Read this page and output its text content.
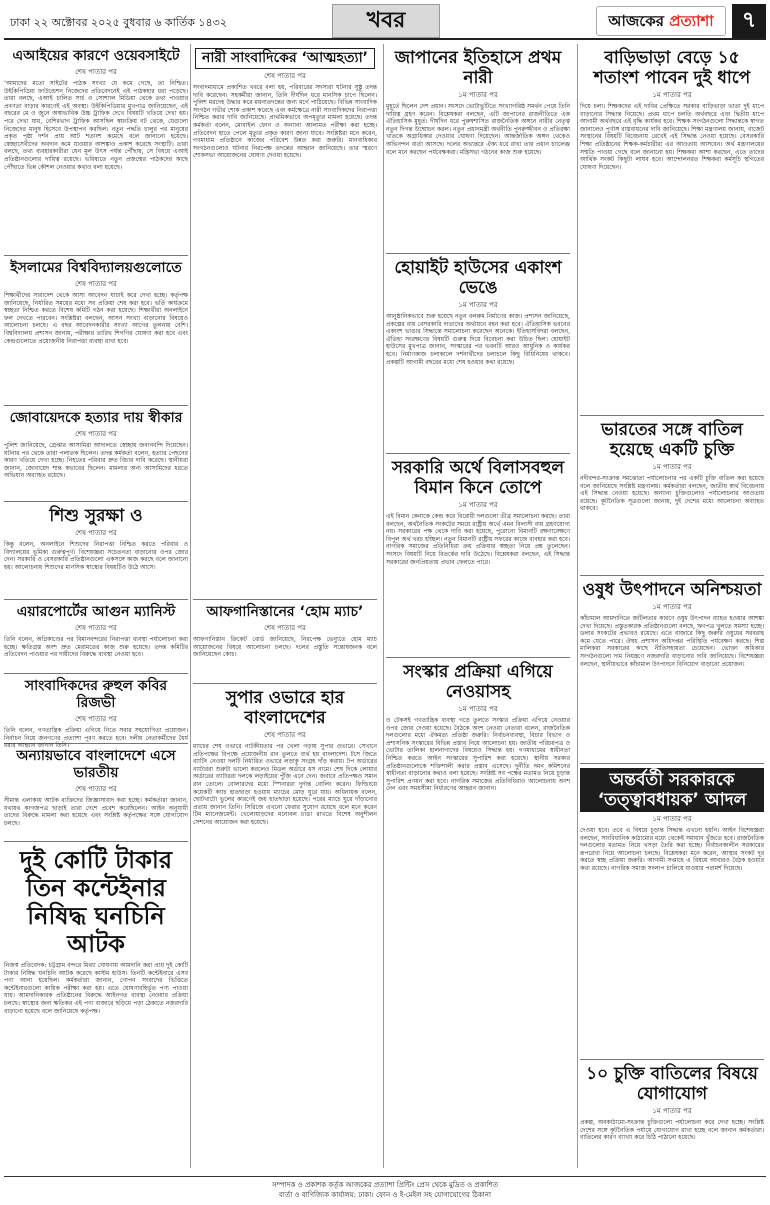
ঢাকা ২২ অক্টোবর ২০২৫ বুধবার ৬ কার্তিক ১৪৩২	খবর	আজকের প্রত্যাশা	৭
এআইয়ের কারণে ওয়েবসাইটে
শেষ পাতার পর

‘আমাদের মতো সাইটের পাঠক সংখ্যা যে কমে গেছে, তা নিশ্চিত। উইকিপিডিয়া ফাউন্ডেশন নিজেদের প্রতিবেদনেই এই পাঠকহার ধরা পড়েছে। তারা বলছে, এআই চালিত সার্চ ও সোশ্যাল মিডিয়া থেকে তথ্য পাওয়ার প্রবণতা বাড়ার কারণেই এই অবস্থা। উইকিপিডিয়ার মুখপাত্র জানিয়েছেন, এই বছরের মে ও জুনে অস্বাভাবিক উচ্চ ট্রাফিক দেখে বিষয়টি খতিয়ে দেখা হয়। পরে দেখা যায়, বেশিরভাগ ট্রাফিক আসছিল স্বয়ংক্রিয় বট থেকে, যেগুলো নিজেদের মানুষ হিসেবে উপস্থাপন করছিল। নতুন পদ্ধতি চালুর পর মানুষের প্রকৃত পৃষ্ঠা দর্শন প্রায় আট শতাংশ কমেছে বলে জানানো হয়েছে। স্বেচ্ছাসেবীদের অবদান কমে যাওয়ার আশঙ্কাও প্রকাশ করেছে সংস্থাটি। তারা বলছে, তথ্য ব্যবহারকারীরা যেন মূল উৎস পর্যন্ত পৌঁছায়, সে বিষয়ে এআই প্রতিষ্ঠানগুলোর দায়িত্ব রয়েছে। ভবিষ্যতে নতুন প্রজন্মের পাঠকদের কাছে পৌঁছাতে ভিন্ন কৌশল নেওয়ার কথাও বলা হয়েছে।

ইসলামের বিশ্ববিদ্যালয়গুলোতে
শেষ পাতার পর

শিক্ষার্থীদের সারাদেশ থেকে আসা আবেদন যাচাই করে দেখা হচ্ছে। কর্তৃপক্ষ জানিয়েছে, নির্ধারিত সময়ের মধ্যে সব প্রক্রিয়া শেষ করা হবে। ভর্তি কার্যক্রমে স্বচ্ছতা নিশ্চিত করতে বিশেষ কমিটি গঠন করা হয়েছে। শিক্ষার্থীরা অনলাইনে ফল দেখতে পারবেন। সংশ্লিষ্টরা বলছেন, আসন সংখ্যা বাড়ানোর বিষয়েও আলোচনা চলছে। এ বছর আবেদনকারীর সংখ্যা আগের তুলনায় বেশি। বিশ্ববিদ্যালয় প্রশাসন জানায়, পরীক্ষার তারিখ শিগগির ঘোষণা করা হবে এবং কেন্দ্রগুলোতে প্রয়োজনীয় নিরাপত্তা ব্যবস্থা রাখা হবে।

জোবায়েদকে হত্যার দায় স্বীকার
শেষ পাতার পর

পুলিশ জানিয়েছে, গ্রেপ্তার আসামিরা আদালতে স্বেচ্ছায় জবানবন্দি দিয়েছেন। ঘটনার পর থেকে তারা পলাতক ছিলেন। তদন্ত কর্মকর্তা বলেন, হত্যার পেছনের কারণ খতিয়ে দেখা হচ্ছে। নিহতের পরিবার দ্রুত বিচার দাবি করেছে। স্থানীয়রা জানান, জোবায়েদ শান্ত স্বভাবের ছিলেন। মামলার অন্য আসামিদের ধরতে অভিযান অব্যাহত রয়েছে।

শিশু সুরক্ষা ও
শেষ পাতার পর

কিন্তু বলেন, অনলাইনে শিশুদের নিরাপত্তা নিশ্চিত করতে পরিবার ও বিদ্যালয়ের ভূমিকা গুরুত্বপূর্ণ। বিশেষজ্ঞরা সচেতনতা বাড়ানোর ওপর জোর দেন। সরকারি ও বেসরকারি প্রতিষ্ঠানগুলো একসঙ্গে কাজ করছে বলে জানানো হয়। আলোচনায় শিশুদের মানসিক স্বাস্থ্যের বিষয়টিও উঠে আসে।

এয়ারপোর্টের আগুন ম্যানিস্ট
শেষ পাতার পর

তিনি বলেন, অগ্নিকাণ্ডের পর বিমানবন্দরের নিরাপত্তা ব্যবস্থা পর্যালোচনা করা হচ্ছে। ক্ষতিগ্রস্ত অংশ দ্রুত মেরামতের কাজ শুরু হয়েছে। তদন্ত কমিটির প্রতিবেদন পাওয়ার পর দায়ীদের বিরুদ্ধে ব্যবস্থা নেওয়া হবে।

সাংবাদিকদের রুহুল কবির রিজভী
শেষ পাতার পর

তিনি বলেন, গণতান্ত্রিক প্রক্রিয়া এগিয়ে নিতে সবার সহযোগিতা প্রয়োজন। নির্বাচন নিয়ে জনগণের প্রত্যাশা পূরণ করতে হবে। দলীয় নেতাকর্মীদের ধৈর্য ধরার আহ্বান জানান তিনি।

অন্যায়ভাবে বাংলাদেশে এসে ভারতীয়
শেষ পাতার পর

সীমান্ত এলাকায় আটক ব্যক্তিদের জিজ্ঞাসাবাদ করা হচ্ছে। কর্মকর্তারা জানান, যথাযথ কাগজপত্র ছাড়াই তারা দেশে প্রবেশ করেছিলেন। আইন অনুযায়ী তাদের বিরুদ্ধে মামলা করা হয়েছে এবং সংশ্লিষ্ট কর্তৃপক্ষের সঙ্গে যোগাযোগ চলছে।

দুই কোটি টাকার তিন কন্টেইনার নিষিদ্ধ ঘনচিনি আটক

নিজস্ব প্রতিবেদক: চট্টগ্রাম বন্দরে মিথ্যা ঘোষণায় আমদানি করা প্রায় দুই কোটি টাকার নিষিদ্ধ ঘনচিনি আটক করেছে কাস্টম হাউস। তিনটি কন্টেইনারে এসব পণ্য আনা হয়েছিল। কর্মকর্তারা জানান, গোপন সংবাদের ভিত্তিতে কন্টেইনারগুলো কায়িক পরীক্ষা করা হয়। এতে ঘোষণাবহির্ভূত পণ্য পাওয়া যায়। আমদানিকারক প্রতিষ্ঠানের বিরুদ্ধে আইনগত ব্যবস্থা নেওয়ার প্রক্রিয়া চলছে। স্বাস্থ্যের জন্য ক্ষতিকর এই পণ্য বাজারে ছড়িয়ে পড়া ঠেকাতে নজরদারি বাড়ানো হয়েছে বলে জানিয়েছে কর্তৃপক্ষ।

নারী সাংবাদিকের ‘আত্মহত্যা’
শেষ পাতার পর

সংবাদমাধ্যমে প্রকাশিত খবরে বলা হয়, পরিবারের সদস্যরা ঘটনার সুষ্ঠু তদন্ত দাবি করেছেন। সহকর্মীরা জানান, তিনি দীর্ঘদিন ধরে মানসিক চাপে ছিলেন। পুলিশ মরদেহ উদ্ধার করে ময়নাতদন্তের জন্য মর্গে পাঠিয়েছে। বিভিন্ন সাংবাদিক সংগঠন গভীর শোক প্রকাশ করেছে এবং কর্মক্ষেত্রে নারী সাংবাদিকদের নিরাপত্তা নিশ্চিত করার দাবি জানিয়েছে। প্রাথমিকভাবে অপমৃত্যুর মামলা হয়েছে। তদন্ত কর্মকর্তা বলেন, মোবাইল ফোন ও অন্যান্য আলামত পরীক্ষা করা হচ্ছে। প্রতিবেদন হাতে পেলে মৃত্যুর প্রকৃত কারণ জানা যাবে। সংশ্লিষ্টরা মনে করেন, গণমাধ্যম প্রতিষ্ঠানে কাজের পরিবেশ উন্নত করা জরুরি। মানবাধিকার সংগঠনগুলোও ঘটনার নিরপেক্ষ তদন্তের আহ্বান জানিয়েছে। তার স্মরণে শোকসভা আয়োজনের ঘোষণা দেওয়া হয়েছে।

আফগানিস্তানের ‘হোম ম্যাচ’
শেষ পাতার পর

আফগানিস্তান ক্রিকেট বোর্ড জানিয়েছে, নিরপেক্ষ ভেন্যুতে হোম ম্যাচ আয়োজনের বিষয়ে আলোচনা চলছে। দলের প্রস্তুতি সন্তোষজনক বলে জানিয়েছেন কোচ।

সুপার ওভারে হার বাংলাদেশের
শেষ পাতার পর

ম্যাচের শেষ ওভারে নাটকীয়তার পর খেলা গড়ায় সুপার ওভারে। সেখানে প্রতিপক্ষের বিপক্ষে প্রয়োজনীয় রান তুলতে ব্যর্থ হয় বাংলাদেশ। টসে জিতে ব্যাটিং নেওয়া দলটি নির্ধারিত ওভারে লড়াকু সংগ্রহ দাঁড় করায়। টপ অর্ডারের ব্যাটাররা শুরুটা ভালো করলেও মিডল অর্ডারে ধস নামে। শেষ দিকে লোয়ার অর্ডারের ব্যাটাররা দলকে লড়াইয়ের পুঁজি এনে দেন। জবাবে প্রতিপক্ষও সমান রান তোলে। বোলারদের মধ্যে স্পিনাররা দুর্দান্ত বোলিং করেন। ফিল্ডিংয়ে কয়েকটি ক্যাচ হাতছাড়া হওয়ায় ম্যাচের মোড় ঘুরে যায়। অধিনায়ক বলেন, ছোটখাটো ভুলের কারণেই জয় হাতছাড়া হয়েছে। পরের ম্যাচে ঘুরে দাঁড়ানোর প্রত্যয় জানান তিনি। সিরিজে এখনো ফেরার সুযোগ রয়েছে বলে মনে করেন টিম ম্যানেজমেন্ট। খেলোয়াড়দের মনোবল চাঙা রাখতে বিশেষ অনুশীলন সেশনের আয়োজন করা হয়েছে।

জাপানের ইতিহাসে প্রথম নারী
১ম পাতার পর

মুহূর্তে ছিলেন দেশ প্রধান। সংসদে ভোটাভুটিতে সংখ্যাগরিষ্ঠ সমর্থন পেয়ে তিনি দায়িত্ব গ্রহণ করেন। বিশ্লেষকরা বলছেন, এটি জাপানের রাজনীতিতে এক ঐতিহাসিক মুহূর্ত। দীর্ঘদিন ধরে পুরুষশাসিত রাজনৈতিক অঙ্গনে নারীর নেতৃত্ব নতুন দিগন্ত উন্মোচন করল। নতুন প্রধানমন্ত্রী অর্থনীতি পুনরুজ্জীবন ও প্রতিরক্ষা খাতকে অগ্রাধিকার দেওয়ার ঘোষণা দিয়েছেন। আন্তর্জাতিক অঙ্গন থেকেও অভিনন্দন বার্তা আসছে। দলের অভ্যন্তরে ঐক্য ধরে রাখা তার প্রধান চ্যালেঞ্জ বলে মনে করছেন পর্যবেক্ষকরা। মন্ত্রিসভা গঠনের কাজ শুরু হয়েছে।

হোয়াইট হাউসের একাংশ ভেঙে
১ম পাতার পর

আনুষ্ঠানিকভাবে শুরু হয়েছে নতুন বলরুম নির্মাণের কাজ। প্রশাসন জানিয়েছে, প্রকল্পের ব্যয় বেসরকারি দাতাদের অর্থায়নে বহন করা হবে। ঐতিহাসিক ভবনের একাংশ ভাঙার সিদ্ধান্তে সমালোচনা করেছেন অনেকে। ইতিহাসবিদরা বলছেন, ঐতিহ্য সংরক্ষণের বিষয়টি গুরুত্ব দিয়ে বিবেচনা করা উচিত ছিল। হোয়াইট হাউসের মুখপাত্র জানান, সংস্কারের পর ভবনটি আরও আধুনিক ও কার্যকর হবে। নির্মাণকাজ চলাকালে দর্শনার্থীদের চলাচলে কিছু বিধিনিষেধ থাকবে। প্রকল্পটি আগামী বছরের মধ্যে শেষ হওয়ার কথা রয়েছে।

সরকারি অর্থে বিলাসবহুল বিমান কিনে তোপে
১ম পাতার পর

এই বিমান কেনাকে কেন্দ্র করে বিরোধী দলগুলো তীব্র সমালোচনা করছে। তারা বলছেন, অর্থনৈতিক সংকটের সময়ে রাষ্ট্রীয় অর্থে এমন বিলাসী ব্যয় গ্রহণযোগ্য নয়। সরকারের পক্ষ থেকে দাবি করা হয়েছে, পুরোনো বিমানটি রক্ষণাবেক্ষণে বিপুল অর্থ খরচ হচ্ছিল। নতুন বিমানটি রাষ্ট্রীয় সফরের কাজে ব্যবহার করা হবে। নাগরিক সমাজের প্রতিনিধিরা ক্রয় প্রক্রিয়ার স্বচ্ছতা নিয়ে প্রশ্ন তুলেছেন। সংসদে বিষয়টি নিয়ে বিতর্কের দাবি উঠেছে। বিশ্লেষকরা বলছেন, এই সিদ্ধান্ত সরকারের জনপ্রিয়তায় প্রভাব ফেলতে পারে।

সংস্কার প্রক্রিয়া এগিয়ে নেওয়াসহ
১ম পাতার পর

ও টেকসই গণতান্ত্রিক ব্যবস্থা গড়ে তুলতে সংস্কার প্রক্রিয়া এগিয়ে নেওয়ার ওপর জোর দেওয়া হয়েছে। বৈঠকে অংশ নেওয়া নেতারা বলেন, রাজনৈতিক দলগুলোর মধ্যে ঐকমত্য প্রতিষ্ঠা জরুরি। নির্বাচনব্যবস্থা, বিচার বিভাগ ও প্রশাসনিক সংস্কারের বিভিন্ন প্রস্তাব নিয়ে আলোচনা হয়। জাতীয় পরিচয়পত্র ও ভোটার তালিকা হালনাগাদের বিষয়েও সিদ্ধান্ত হয়। গণমাধ্যমের স্বাধীনতা নিশ্চিত করতে আইন সংস্কারের সুপারিশ করা হয়েছে। স্থানীয় সরকার প্রতিষ্ঠানগুলোকে শক্তিশালী করার প্রস্তাব এসেছে। দুর্নীতি দমন কমিশনের স্বাধীনতা বাড়ানোর কথাও বলা হয়েছে। সংশ্লিষ্ট সব পক্ষের মতামত নিয়ে চূড়ান্ত সুপারিশ প্রণয়ন করা হবে। নাগরিক সমাজের প্রতিনিধিরাও আলোচনায় অংশ নেন এবং সময়সীমা নির্ধারণের আহ্বান জানান।

বাড়িভাড়া বেড়ে ১৫ শতাংশ পাবেন দুই ধাপে
১ম পাতার পর

দিয়ে চলা। শিক্ষকদের এই দাবির প্রেক্ষিতে সরকার বাড়িভাড়া ভাতা দুই ধাপে বাড়ানোর সিদ্ধান্ত নিয়েছে। প্রথম ধাপে চলতি অর্থবছরে এবং দ্বিতীয় ধাপে আগামী অর্থবছরে এই বৃদ্ধি কার্যকর হবে। শিক্ষক সংগঠনগুলো সিদ্ধান্তকে স্বাগত জানালেও পূর্ণাঙ্গ বাস্তবায়নের দাবি জানিয়েছে। শিক্ষা মন্ত্রণালয় জানায়, বাজেট সংস্থানের বিষয়টি বিবেচনায় রেখেই এই সিদ্ধান্ত নেওয়া হয়েছে। বেসরকারি শিক্ষা প্রতিষ্ঠানের শিক্ষক-কর্মচারীরা এর আওতায় আসবেন। অর্থ মন্ত্রণালয়ের সম্মতি পাওয়া গেছে বলে জানানো হয়। শিক্ষকরা আশা করছেন, এতে তাদের আর্থিক সংকট কিছুটা লাঘব হবে। আন্দোলনরত শিক্ষকরা কর্মসূচি স্থগিতের ঘোষণা দিয়েছেন।

ভারতের সঙ্গে বাতিল হয়েছে একটি চুক্তি
১ম পাতার পর

নদীবন্দর-সংক্রান্ত সমঝোতা পর্যালোচনার পর একটি চুক্তি বাতিল করা হয়েছে বলে জানিয়েছে সংশ্লিষ্ট মন্ত্রণালয়। কর্মকর্তারা বলছেন, জাতীয় স্বার্থ বিবেচনায় এই সিদ্ধান্ত নেওয়া হয়েছে। অন্যান্য চুক্তিগুলোও পর্যালোচনার আওতায় রয়েছে। কূটনৈতিক সূত্রগুলো জানায়, দুই দেশের মধ্যে আলোচনা অব্যাহত থাকবে।

ওষুধ উৎপাদনে অনিশ্চয়তা
১ম পাতার পর

কাঁচামাল আমদানিতে জটিলতার কারণে ওষুধ উৎপাদন ব্যাহত হওয়ার আশঙ্কা দেখা দিয়েছে। প্রস্তুতকারক প্রতিষ্ঠানগুলো বলছে, ঋণপত্র খুলতে সমস্যা হচ্ছে। ডলার সংকটের প্রভাবও রয়েছে। এতে বাজারে কিছু জরুরি ওষুধের সরবরাহ কমে যেতে পারে। ঔষধ প্রশাসন অধিদপ্তর পরিস্থিতি পর্যবেক্ষণ করছে। শিল্প মালিকরা সরকারের কাছে নীতিসহায়তা চেয়েছেন। ভোক্তা অধিকার সংগঠনগুলো দাম নিয়ন্ত্রণে নজরদারি বাড়ানোর দাবি জানিয়েছে। বিশেষজ্ঞরা বলছেন, স্থানীয়ভাবে কাঁচামাল উৎপাদনে বিনিয়োগ বাড়ানো প্রয়োজন।

অন্তর্বর্তী সরকারকে ‘তত্ত্বাবধায়ক’ আদল
১ম পাতার পর

দেওয়া হবে। তবে এ বিষয়ে চূড়ান্ত সিদ্ধান্ত এখনো হয়নি। আইন বিশেষজ্ঞরা বলছেন, সাংবিধানিক কাঠামোর মধ্যে থেকেই সমাধান খুঁজতে হবে। রাজনৈতিক দলগুলোর মতামত নিয়ে খসড়া তৈরি করা হচ্ছে। নির্বাচনকালীন সরকারের রূপরেখা নিয়ে আলোচনা চলছে। বিশ্লেষকরা মনে করেন, আস্থার সংকট দূর করতে স্বচ্ছ প্রক্রিয়া জরুরি। আগামী সপ্তাহে এ বিষয়ে আবারও বৈঠক হওয়ার কথা রয়েছে। নাগরিক সমাজ সংলাপ চালিয়ে যাওয়ার পরামর্শ দিয়েছে।

১০ চুক্তি বাতিলের বিষয়ে যোগাযোগ
১ম পাতার পর

প্রকল্প, অবকাঠামো-সংক্রান্ত চুক্তিগুলো পর্যালোচনা করে দেখা হচ্ছে। সংশ্লিষ্ট দেশের সঙ্গে কূটনৈতিক পর্যায়ে যোগাযোগ রাখা হচ্ছে বলে জানান কর্মকর্তারা। বাতিলের কারণ ব্যাখ্যা করে চিঠি পাঠানো হয়েছে।

সম্পাদক ও প্রকাশক কর্তৃক আজকের প্রত্যাশা প্রিন্টিং প্রেস থেকে মুদ্রিত ও প্রকাশিত
বার্তা ও বাণিজ্যিক কার্যালয়: ঢাকা। ফোন ও ই-মেইল সহ যোগাযোগের ঠিকানা
